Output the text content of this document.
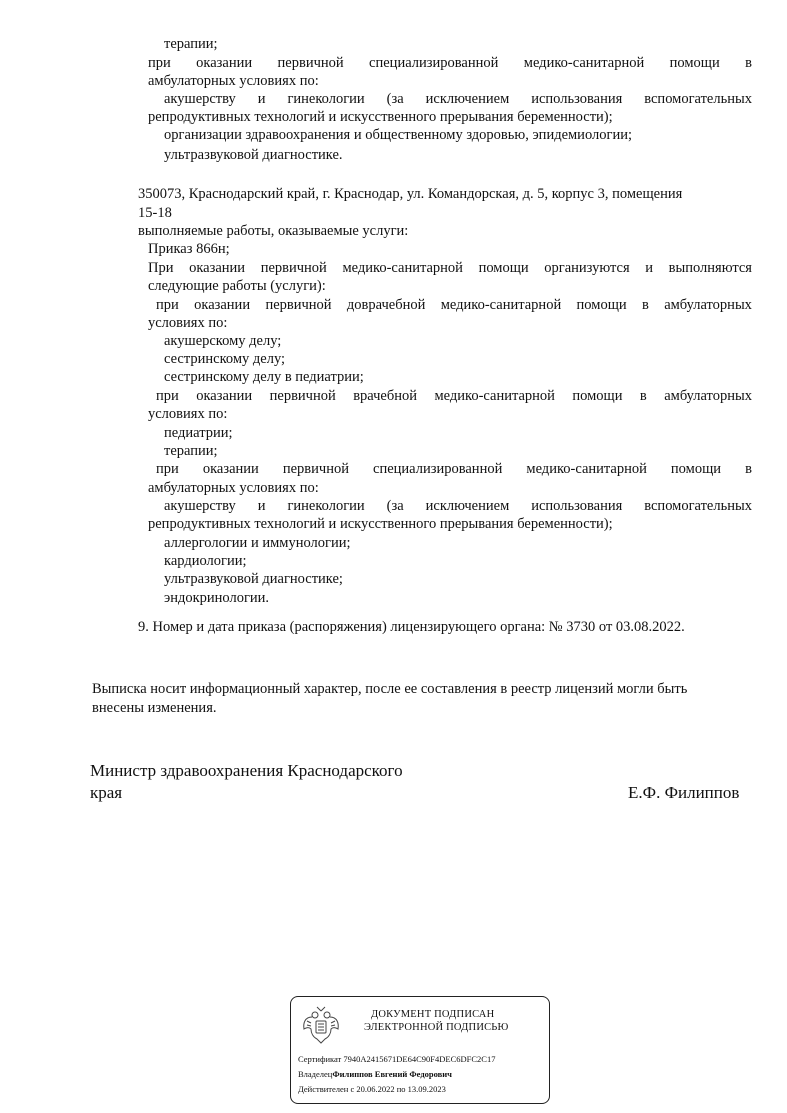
терапии;
при оказании первичной специализированной медико-санитарной помощи в
амбулаторных условиях по:
акушерству и гинекологии (за исключением использования вспомогательных
репродуктивных технологий и искусственного прерывания беременности);
организации здравоохранения и общественному здоровью, эпидемиологии;
ультразвуковой диагностике.
350073, Краснодарский край, г. Краснодар, ул. Командорская, д. 5, корпус 3, помещения
15-18
выполняемые работы, оказываемые услуги:
Приказ 866н;
При оказании первичной медико-санитарной помощи организуются и выполняются
следующие работы (услуги):
при оказании первичной доврачебной медико-санитарной помощи в амбулаторных
условиях по:
акушерскому делу;
сестринскому делу;
сестринскому делу в педиатрии;
при оказании первичной врачебной медико-санитарной помощи в амбулаторных
условиях по:
педиатрии;
терапии;
при оказании первичной специализированной медико-санитарной помощи в
амбулаторных условиях по:
акушерству и гинекологии (за исключением использования вспомогательных
репродуктивных технологий и искусственного прерывания беременности);
аллергологии и иммунологии;
кардиологии;
ультразвуковой диагностике;
эндокринологии.
9. Номер и дата приказа (распоряжения) лицензирующего органа: № 3730 от 03.08.2022.
Выписка носит информационный характер, после ее составления в реестр лицензий могли быть
внесены изменения.
Министр здравоохранения Краснодарского
края	Е.Ф. Филиппов
ДОКУМЕНТ ПОДПИСАН
ЭЛЕКТРОННОЙ ПОДПИСЬЮ
Сертификат 7940A2415671DE64C90F4DEC6DFC2C17
ВладелецФилиппов Евгений Федорович
Действителен с 20.06.2022 по 13.09.2023
